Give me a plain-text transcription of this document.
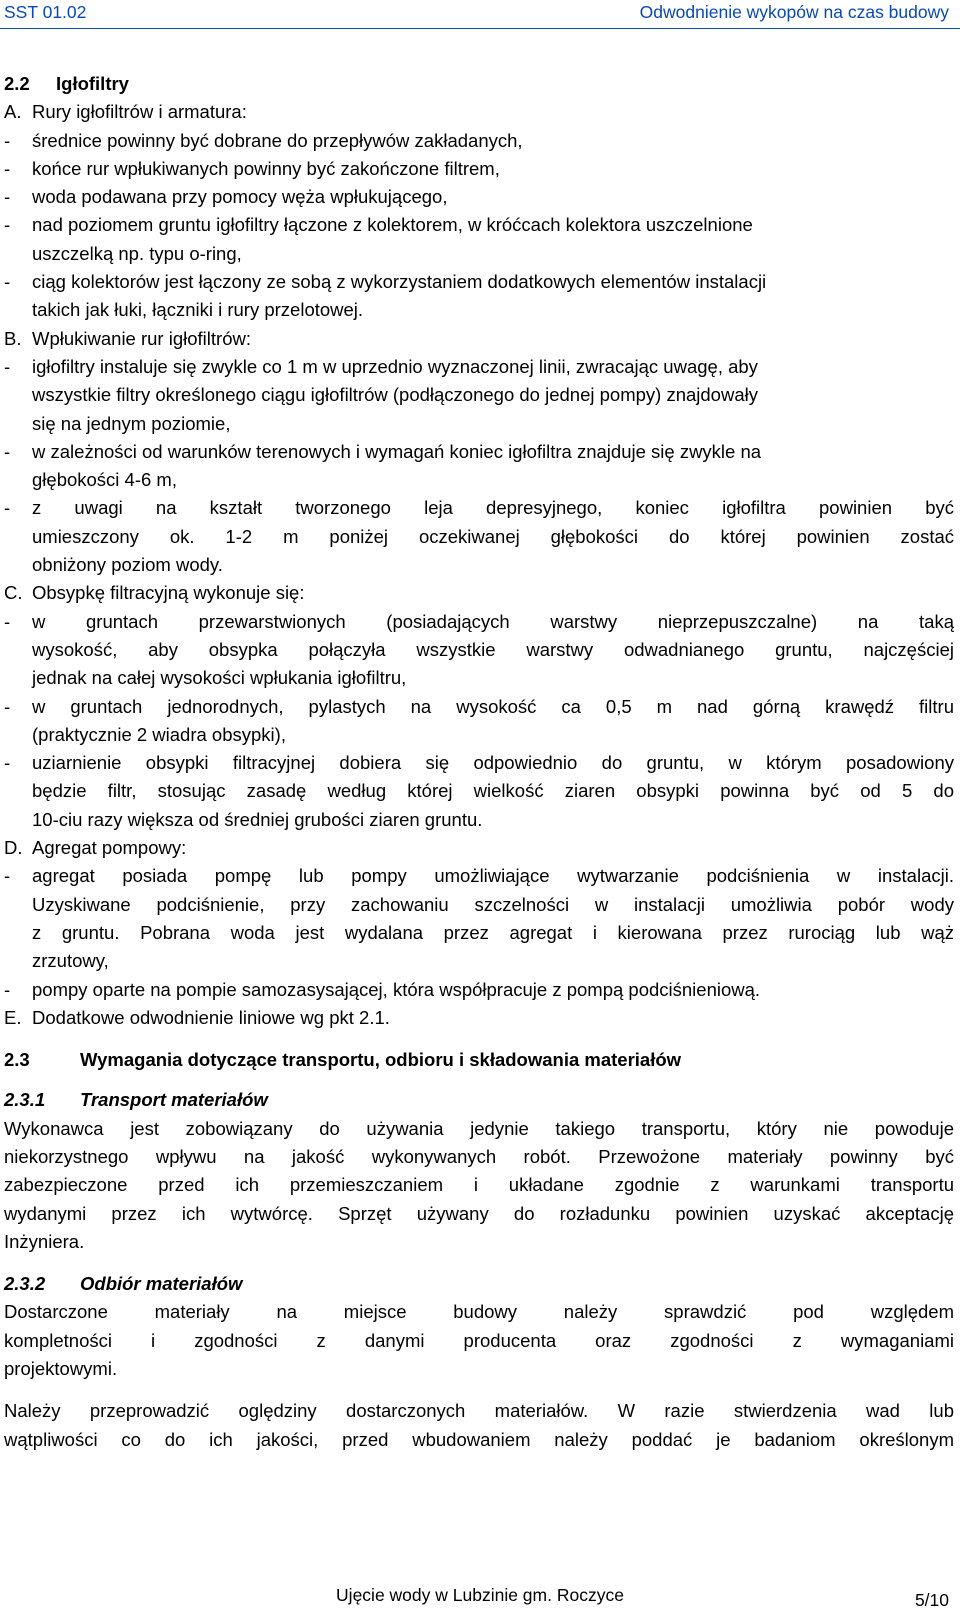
SST 01.02	Odwodnienie wykopów na czas budowy
2.2 Igłofiltry
A. Rury igłofiltrów i armatura:
- średnice powinny być dobrane do przepływów zakładanych,
- końce rur wpłukiwanych powinny być zakończone filtrem,
- woda podawana przy pomocy węża wpłukującego,
- nad poziomem gruntu igłofiltry łączone z kolektorem, w króćcach kolektora uszczelnione
uszczelką np. typu o-ring,
- ciąg kolektorów jest łączony ze sobą z wykorzystaniem dodatkowych elementów instalacji
takich jak łuki, łączniki i rury przelotowej.
B. Wpłukiwanie rur igłofiltrów:
- igłofiltry instaluje się zwykle co 1 m w uprzednio wyznaczonej linii, zwracając uwagę, aby
wszystkie filtry określonego ciągu igłofiltrów (podłączonego do jednej pompy) znajdowały
się na jednym poziomie,
- w zależności od warunków terenowych i wymagań koniec igłofiltra znajduje się zwykle na
głębokości 4-6 m,
-	z uwagi na kształt tworzonego leja depresyjnego, koniec igłofiltra powinien być
umieszczony ok. 1-2 m poniżej oczekiwanej głębokości do której powinien zostać
obniżony poziom wody.
C. Obsypkę filtracyjną wykonuje się:
-	w gruntach przewarstwionych (posiadających warstwy nieprzepuszczalne) na taką
wysokość, aby obsypka połączyła wszystkie warstwy odwadnianego gruntu, najczęściej
jednak na całej wysokości wpłukania igłofiltru,
-	w gruntach jednorodnych, pylastych na wysokość ca 0,5 m nad górną krawędź filtru
(praktycznie 2 wiadra obsypki),
-	uziarnienie obsypki filtracyjnej dobiera się odpowiednio do gruntu, w którym posadowiony
będzie filtr, stosując zasadę według której wielkość ziaren obsypki powinna być od 5 do
10-ciu razy większa od średniej grubości ziaren gruntu.
D. Agregat pompowy:
-	agregat posiada pompę lub pompy umożliwiające wytwarzanie podciśnienia w instalacji.
Uzyskiwane podciśnienie, przy zachowaniu szczelności w instalacji umożliwia pobór wody
z gruntu. Pobrana woda jest wydalana przez agregat i kierowana przez rurociąg lub wąż
zrzutowy,
- pompy oparte na pompie samozasysającej, która współpracuje z pompą podciśnieniową.
E. Dodatkowe odwodnienie liniowe wg pkt 2.1.
2.3	Wymagania dotyczące transportu, odbioru i składowania materiałów
2.3.1 Transport materiałów
Wykonawca jest zobowiązany do używania jedynie takiego transportu, który nie powoduje
niekorzystnego wpływu na jakość wykonywanych robót. Przewożone materiały powinny być
zabezpieczone przed ich przemieszczaniem i układane zgodnie z warunkami transportu
wydanymi przez ich wytwórcę. Sprzęt używany do rozładunku powinien uzyskać akceptację
Inżyniera.
2.3.2 Odbiór materiałów
Dostarczone materiały na miejsce budowy należy sprawdzić pod względem
kompletności i zgodności z danymi producenta oraz zgodności z wymaganiami
projektowymi.
Należy przeprowadzić oględziny dostarczonych materiałów. W razie stwierdzenia wad lub
wątpliwości co do ich jakości, przed wbudowaniem należy poddać je badaniom określonym
Ujęcie wody w Lubzinie gm. Roczyce	5/10
